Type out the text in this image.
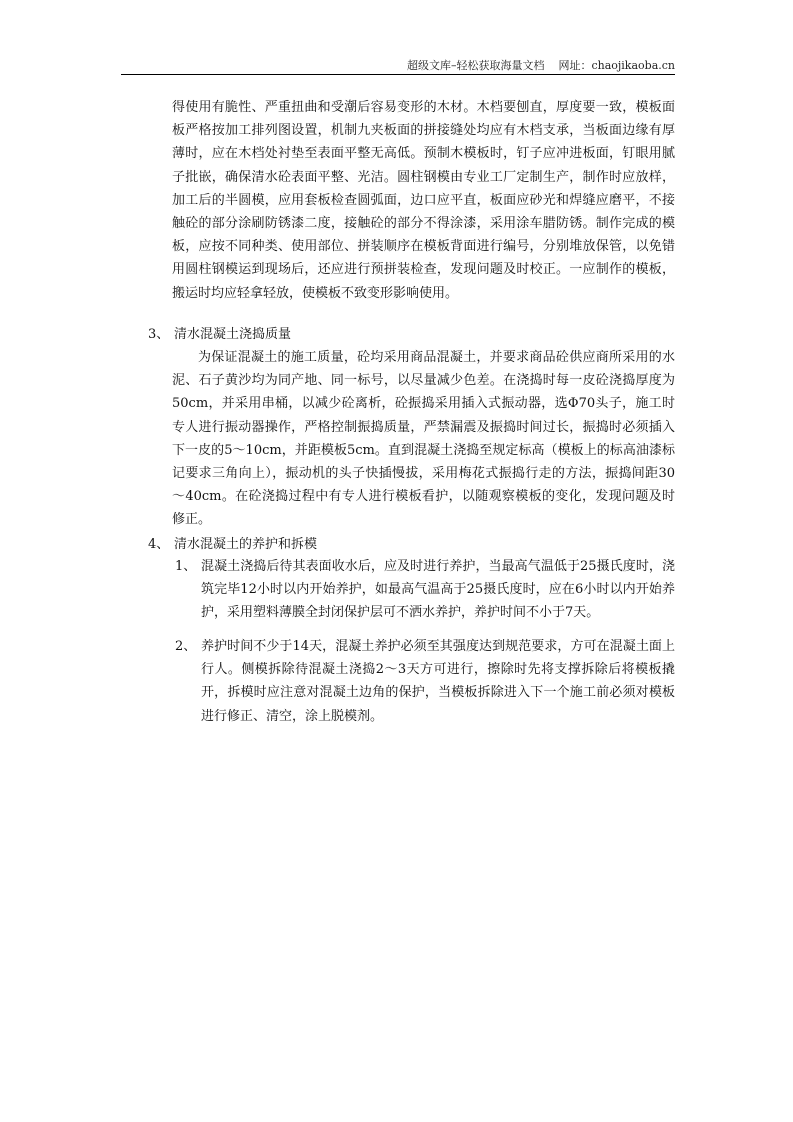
超级文库–轻松获取海量文档 网址：chaojikaoba.cn

得使用有脆性、严重扭曲和受潮后容易变形的木材。木档要刨直，厚度要一致，模板面板严格按加工排列图设置，机制九夹板面的拼接缝处均应有木档支承，当板面边缘有厚薄时，应在木档处衬垫至表面平整无高低。预制木模板时，钉子应冲进板面，钉眼用腻子批嵌，确保清水砼表面平整、光洁。圆柱钢模由专业工厂定制生产，制作时应放样，加工后的半圆模，应用套板检查圆弧面，边口应平直，板面应砂光和焊缝应磨平，不接触砼的部分涂刷防锈漆二度，接触砼的部分不得涂漆，采用涂车腊防锈。制作完成的模板，应按不同种类、使用部位、拼装顺序在模板背面进行编号，分别堆放保管，以免错用圆柱钢模运到现场后，还应进行预拼装检查，发现问题及时校正。一应制作的模板，搬运时均应轻拿轻放，使模板不致变形影响使用。

3、 清水混凝土浇捣质量

为保证混凝土的施工质量，砼均采用商品混凝土，并要求商品砼供应商所采用的水泥、石子黄沙均为同产地、同一标号，以尽量减少色差。在浇捣时每一皮砼浇捣厚度为50cm，并采用串桶，以减少砼离析，砼振捣采用插入式振动器，选Φ70头子，施工时专人进行振动器操作，严格控制振捣质量，严禁漏震及振捣时间过长，振捣时必须插入下一皮的5～10cm，并距模板5cm。直到混凝土浇捣至规定标高（模板上的标高油漆标记要求三角向上），振动机的头子快插慢拔，采用梅花式振捣行走的方法，振捣间距30～40cm。在砼浇捣过程中有专人进行模板看护，以随观察模板的变化，发现问题及时修正。

4、 清水混凝土的养护和拆模
1、 混凝土浇捣后待其表面收水后，应及时进行养护，当最高气温低于25摄氏度时，浇筑完毕12小时以内开始养护，如最高气温高于25摄氏度时，应在6小时以内开始养护，采用塑料薄膜全封闭保护层可不洒水养护，养护时间不小于7天。
2、 养护时间不少于14天，混凝土养护必须至其强度达到规范要求，方可在混凝土面上行人。侧模拆除待混凝土浇捣2～3天方可进行，擦除时先将支撑拆除后将模板撬开，拆模时应注意对混凝土边角的保护，当模板拆除进入下一个施工前必须对模板进行修正、清空，涂上脱模剂。
